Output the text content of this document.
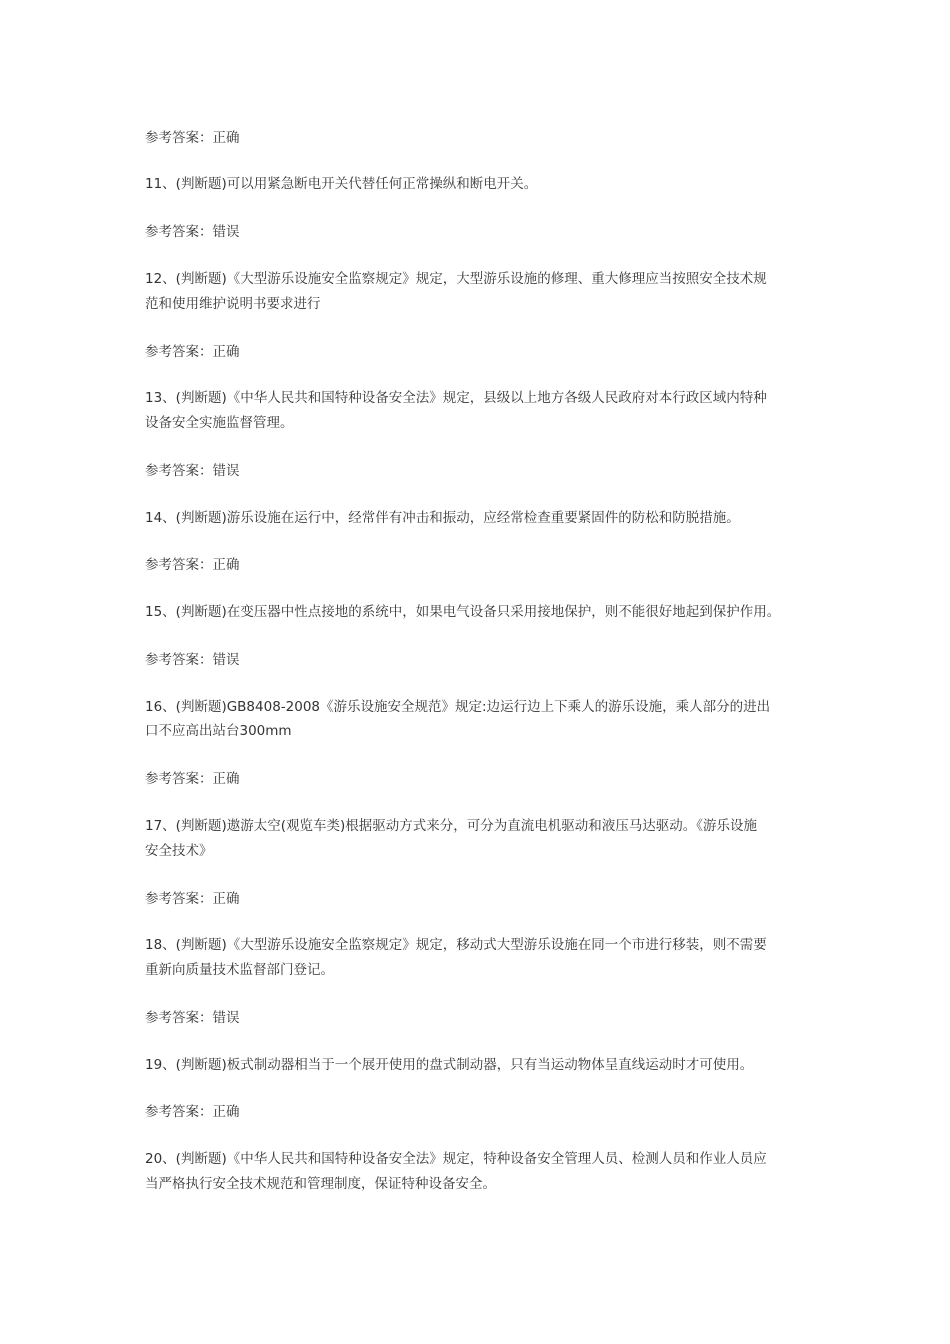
参考答案：正确
11、(判断题)可以用紧急断电开关代替任何正常操纵和断电开关。
参考答案：错误
12、(判断题)《大型游乐设施安全监察规定》规定，大型游乐设施的修理、重大修理应当按照安全技术规
范和使用维护说明书要求进行
参考答案：正确
13、(判断题)《中华人民共和国特种设备安全法》规定，县级以上地方各级人民政府对本行政区域内特种
设备安全实施监督管理。
参考答案：错误
14、(判断题)游乐设施在运行中，经常伴有冲击和振动，应经常检查重要紧固件的防松和防脱措施。
参考答案：正确
15、(判断题)在变压器中性点接地的系统中，如果电气设备只采用接地保护，则不能很好地起到保护作用。
参考答案：错误
16、(判断题)GB8408-2008《游乐设施安全规范》规定:边运行边上下乘人的游乐设施，乘人部分的进出
口不应高出站台300mm
参考答案：正确
17、(判断题)遨游太空(观览车类)根据驱动方式来分，可分为直流电机驱动和液压马达驱动。《游乐设施
安全技术》
参考答案：正确
18、(判断题)《大型游乐设施安全监察规定》规定，移动式大型游乐设施在同一个市进行移装，则不需要
重新向质量技术监督部门登记。
参考答案：错误
19、(判断题)板式制动器相当于一个展开使用的盘式制动器，只有当运动物体呈直线运动时才可使用。
参考答案：正确
20、(判断题)《中华人民共和国特种设备安全法》规定，特种设备安全管理人员、检测人员和作业人员应
当严格执行安全技术规范和管理制度，保证特种设备安全。
